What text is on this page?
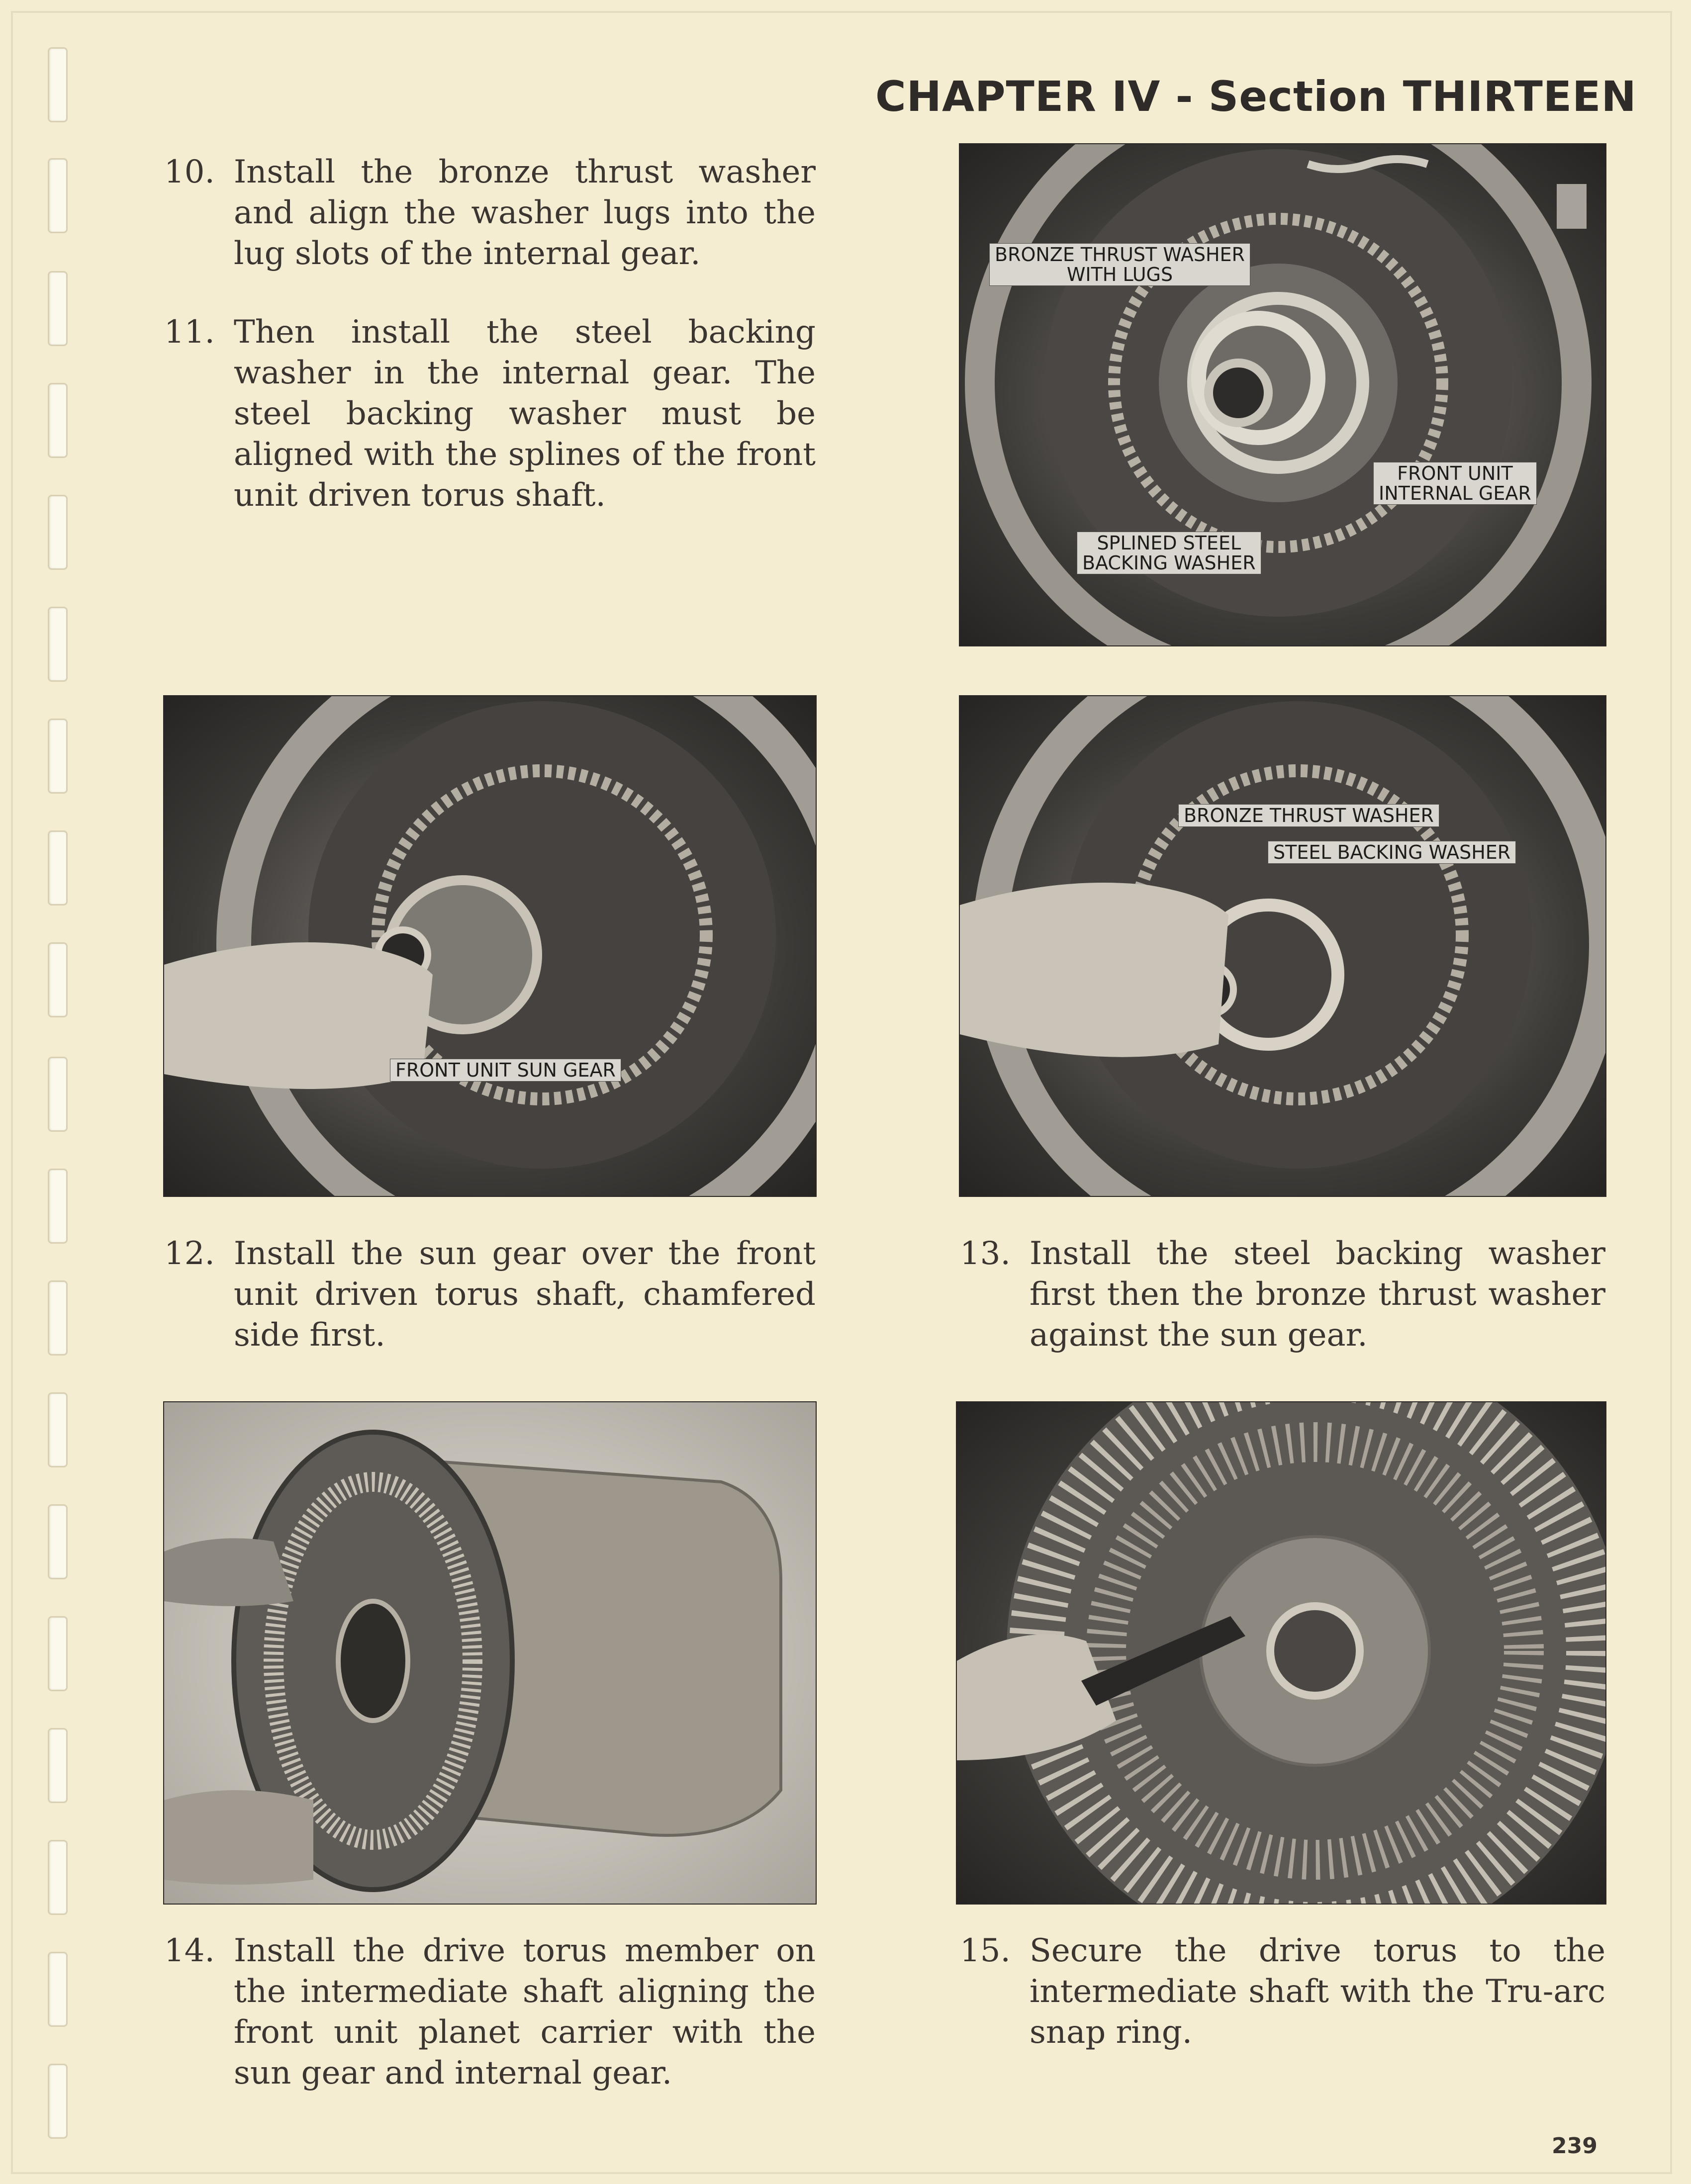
CHAPTER IV - Section THIRTEEN
10. Install the bronze thrust washer and align the washer lugs into the lug slots of the internal gear.
11. Then install the steel backing washer in the internal gear. The steel backing washer must be aligned with the splines of the front unit driven torus shaft.
BRONZE THRUST WASHER
WITH LUGS
FRONT UNIT
INTERNAL GEAR
SPLINED STEEL
BACKING WASHER
FRONT UNIT SUN GEAR
BRONZE THRUST WASHER
STEEL BACKING WASHER
12. Install the sun gear over the front unit driven torus shaft, chamfered side first.
13. Install the steel backing washer first then the bronze thrust washer against the sun gear.
14. Install the drive torus member on the intermediate shaft aligning the front unit planet carrier with the sun gear and internal gear.
15. Secure the drive torus to the intermediate shaft with the Tru-arc snap ring.
239
